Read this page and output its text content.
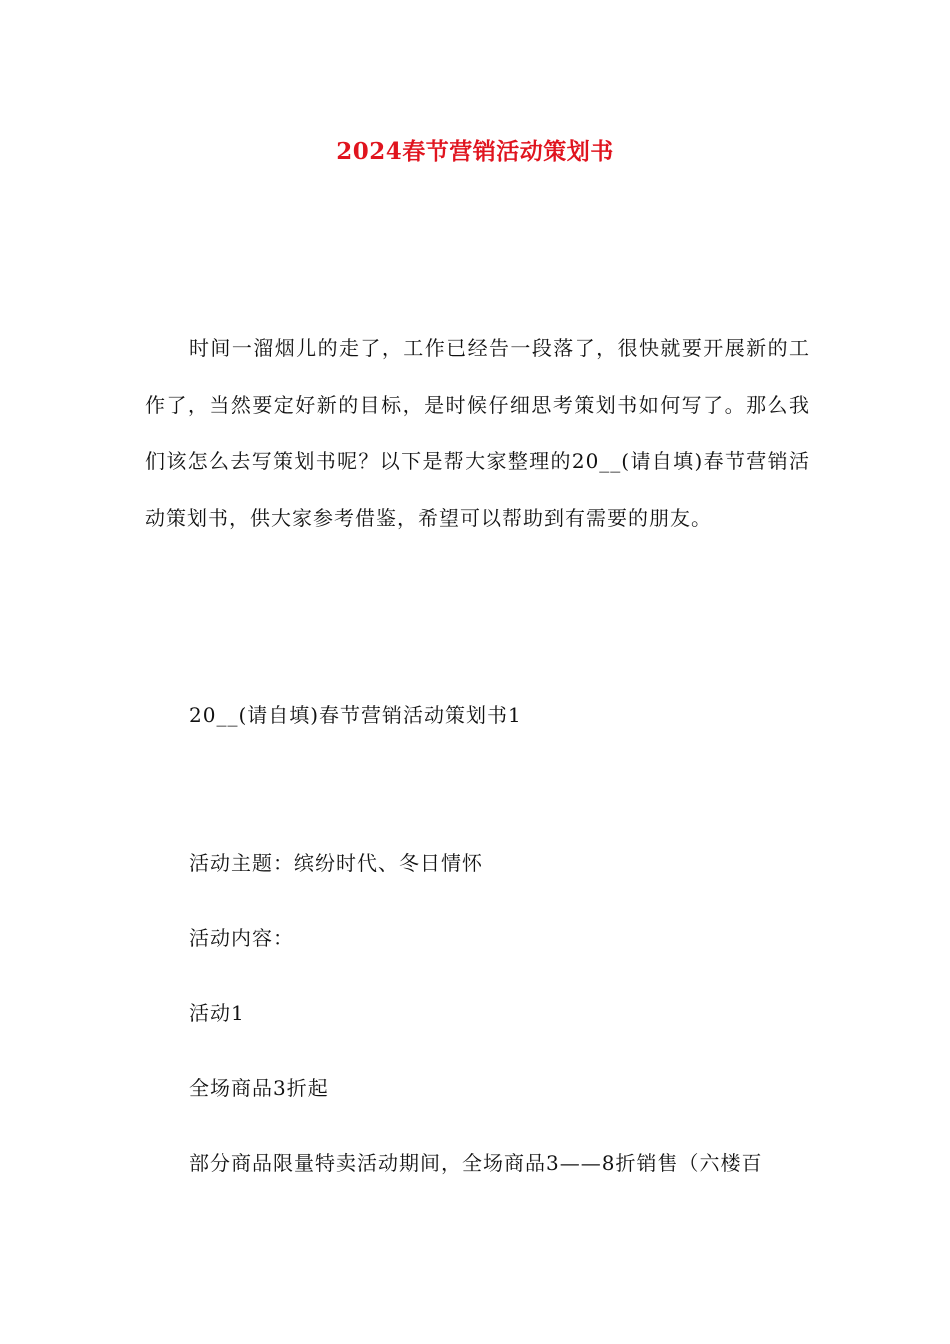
2024春节营销活动策划书

时间一溜烟儿的走了，工作已经告一段落了，很快就要开展新的工作了，当然要定好新的目标，是时候仔细思考策划书如何写了。那么我们该怎么去写策划书呢？以下是帮大家整理的20__(请自填)春节营销活动策划书，供大家参考借鉴，希望可以帮助到有需要的朋友。

20__(请自填)春节营销活动策划书1

活动主题：缤纷时代、冬日情怀

活动内容：

活动1

全场商品3折起

部分商品限量特卖活动期间，全场商品3——8折销售（六楼百
